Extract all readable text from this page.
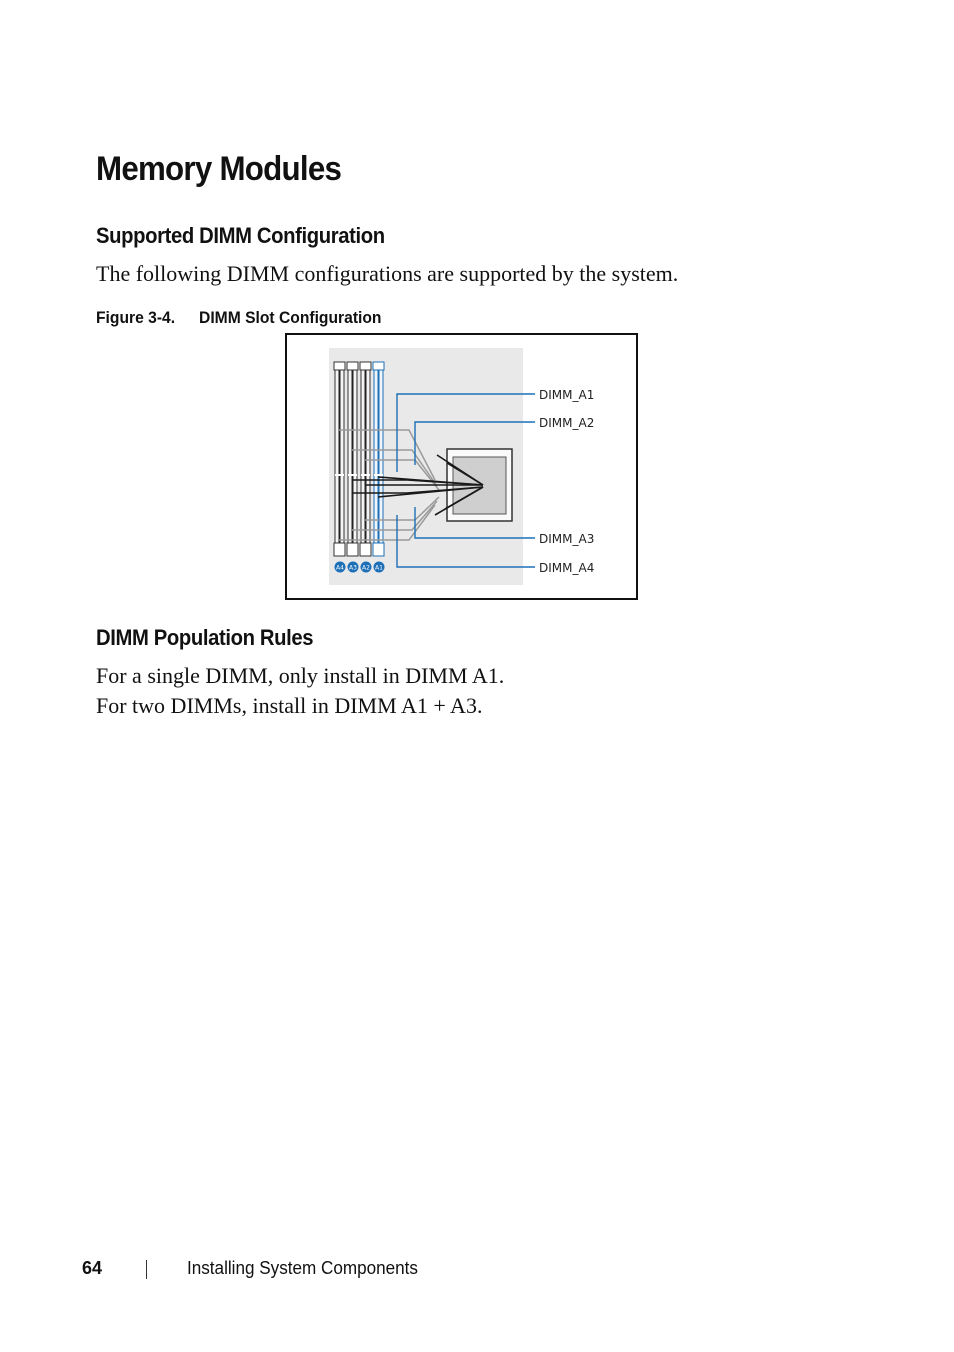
Memory Modules
Supported DIMM Configuration

The following DIMM configurations are supported by the system.

Figure 3-4. DIMM Slot Configuration
A4 A3 A2 A1
DIMM_A1
DIMM_A2
DIMM_A3
DIMM_A4
DIMM Population Rules

For a single DIMM, only install in DIMM A1.

For two DIMMs, install in DIMM A1 + A3.

64	Installing System Components
